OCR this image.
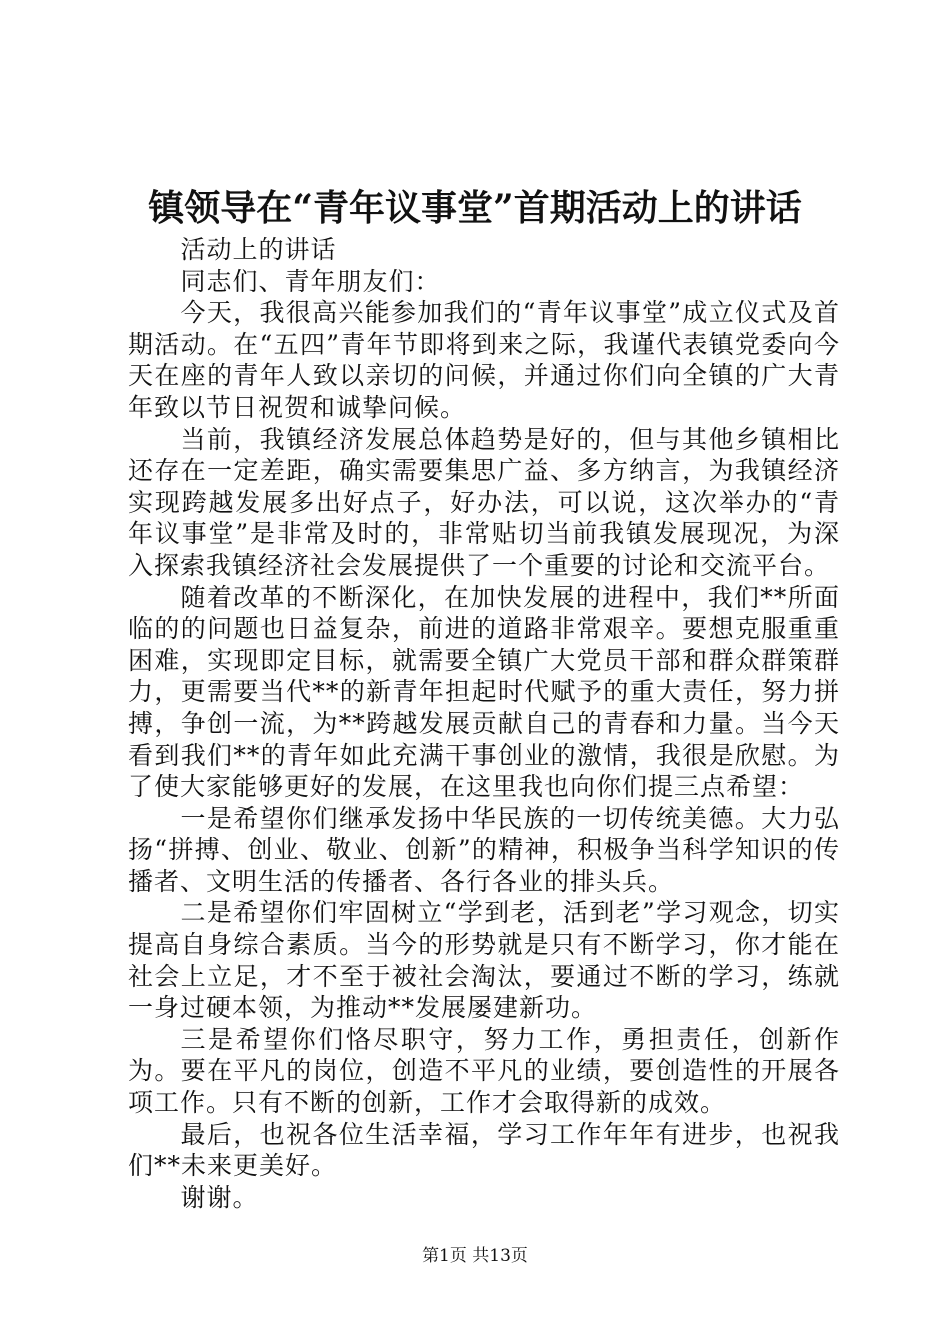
镇领导在“青年议事堂”首期活动上的讲话

活动上的讲话

同志们、青年朋友们：

今天，我很高兴能参加我们的“青年议事堂”成立仪式及首期活动。在“五四”青年节即将到来之际，我谨代表镇党委向今天在座的青年人致以亲切的问候，并通过你们向全镇的广大青年致以节日祝贺和诚挚问候。

当前，我镇经济发展总体趋势是好的，但与其他乡镇相比还存在一定差距，确实需要集思广益、多方纳言，为我镇经济实现跨越发展多出好点子，好办法，可以说，这次举办的“青年议事堂”是非常及时的，非常贴切当前我镇发展现况，为深入探索我镇经济社会发展提供了一个重要的讨论和交流平台。

随着改革的不断深化，在加快发展的进程中，我们**所面临的的问题也日益复杂，前进的道路非常艰辛。要想克服重重困难，实现即定目标，就需要全镇广大党员干部和群众群策群力，更需要当代**的新青年担起时代赋予的重大责任，努力拼搏，争创一流，为**跨越发展贡献自己的青春和力量。当今天看到我们**的青年如此充满干事创业的激情，我很是欣慰。为了使大家能够更好的发展，在这里我也向你们提三点希望：

一是希望你们继承发扬中华民族的一切传统美德。大力弘扬“拼搏、创业、敬业、创新”的精神，积极争当科学知识的传播者、文明生活的传播者、各行各业的排头兵。

二是希望你们牢固树立“学到老，活到老”学习观念，切实提高自身综合素质。当今的形势就是只有不断学习，你才能在社会上立足，才不至于被社会淘汰，要通过不断的学习，练就一身过硬本领，为推动**发展屡建新功。

三是希望你们恪尽职守，努力工作，勇担责任，创新作为。要在平凡的岗位，创造不平凡的业绩，要创造性的开展各项工作。只有不断的创新，工作才会取得新的成效。

最后，也祝各位生活幸福，学习工作年年有进步，也祝我们**未来更美好。

谢谢。

第1页 共13页
